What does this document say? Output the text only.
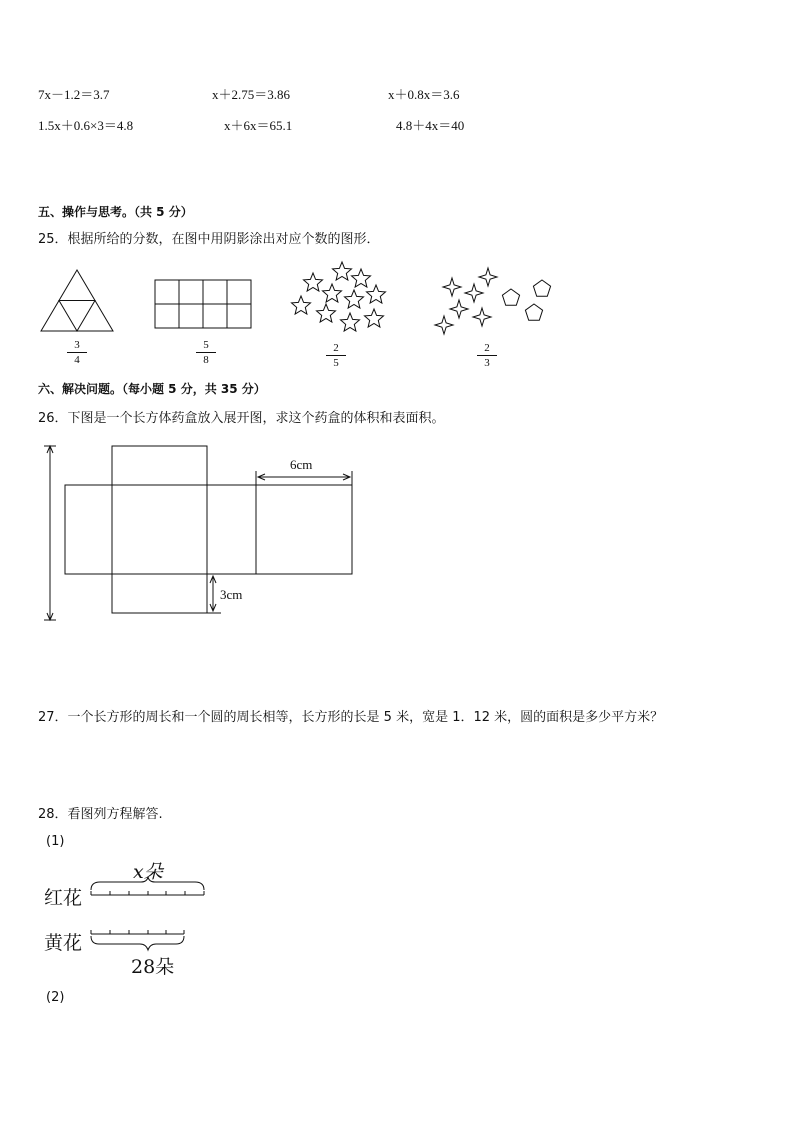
7x－1.2＝3.7	x＋2.75＝3.86	x＋0.8x＝3.6
1.5x＋0.6×3＝4.8	x＋6x＝65.1	4.8＋4x＝40
五、操作与思考。（共 5 分）
25．根据所给的分数，在图中用阴影涂出对应个数的图形．
$\frac{3}{4}$	$\frac{5}{8}$	$\frac{2}{5}$	$\frac{2}{3}$
六、解决问题。（每小题 5 分，共 35 分）
26．下图是一个长方体药盒放入展开图，求这个药盒的体积和表面积。
6cm
3cm
27．一个长方形的周长和一个圆的周长相等，长方形的长是 5 米，宽是 1．12 米，圆的面积是多少平方米？
28．看图列方程解答.
(1)
x朵
红花
黄花
28朵
(2)
